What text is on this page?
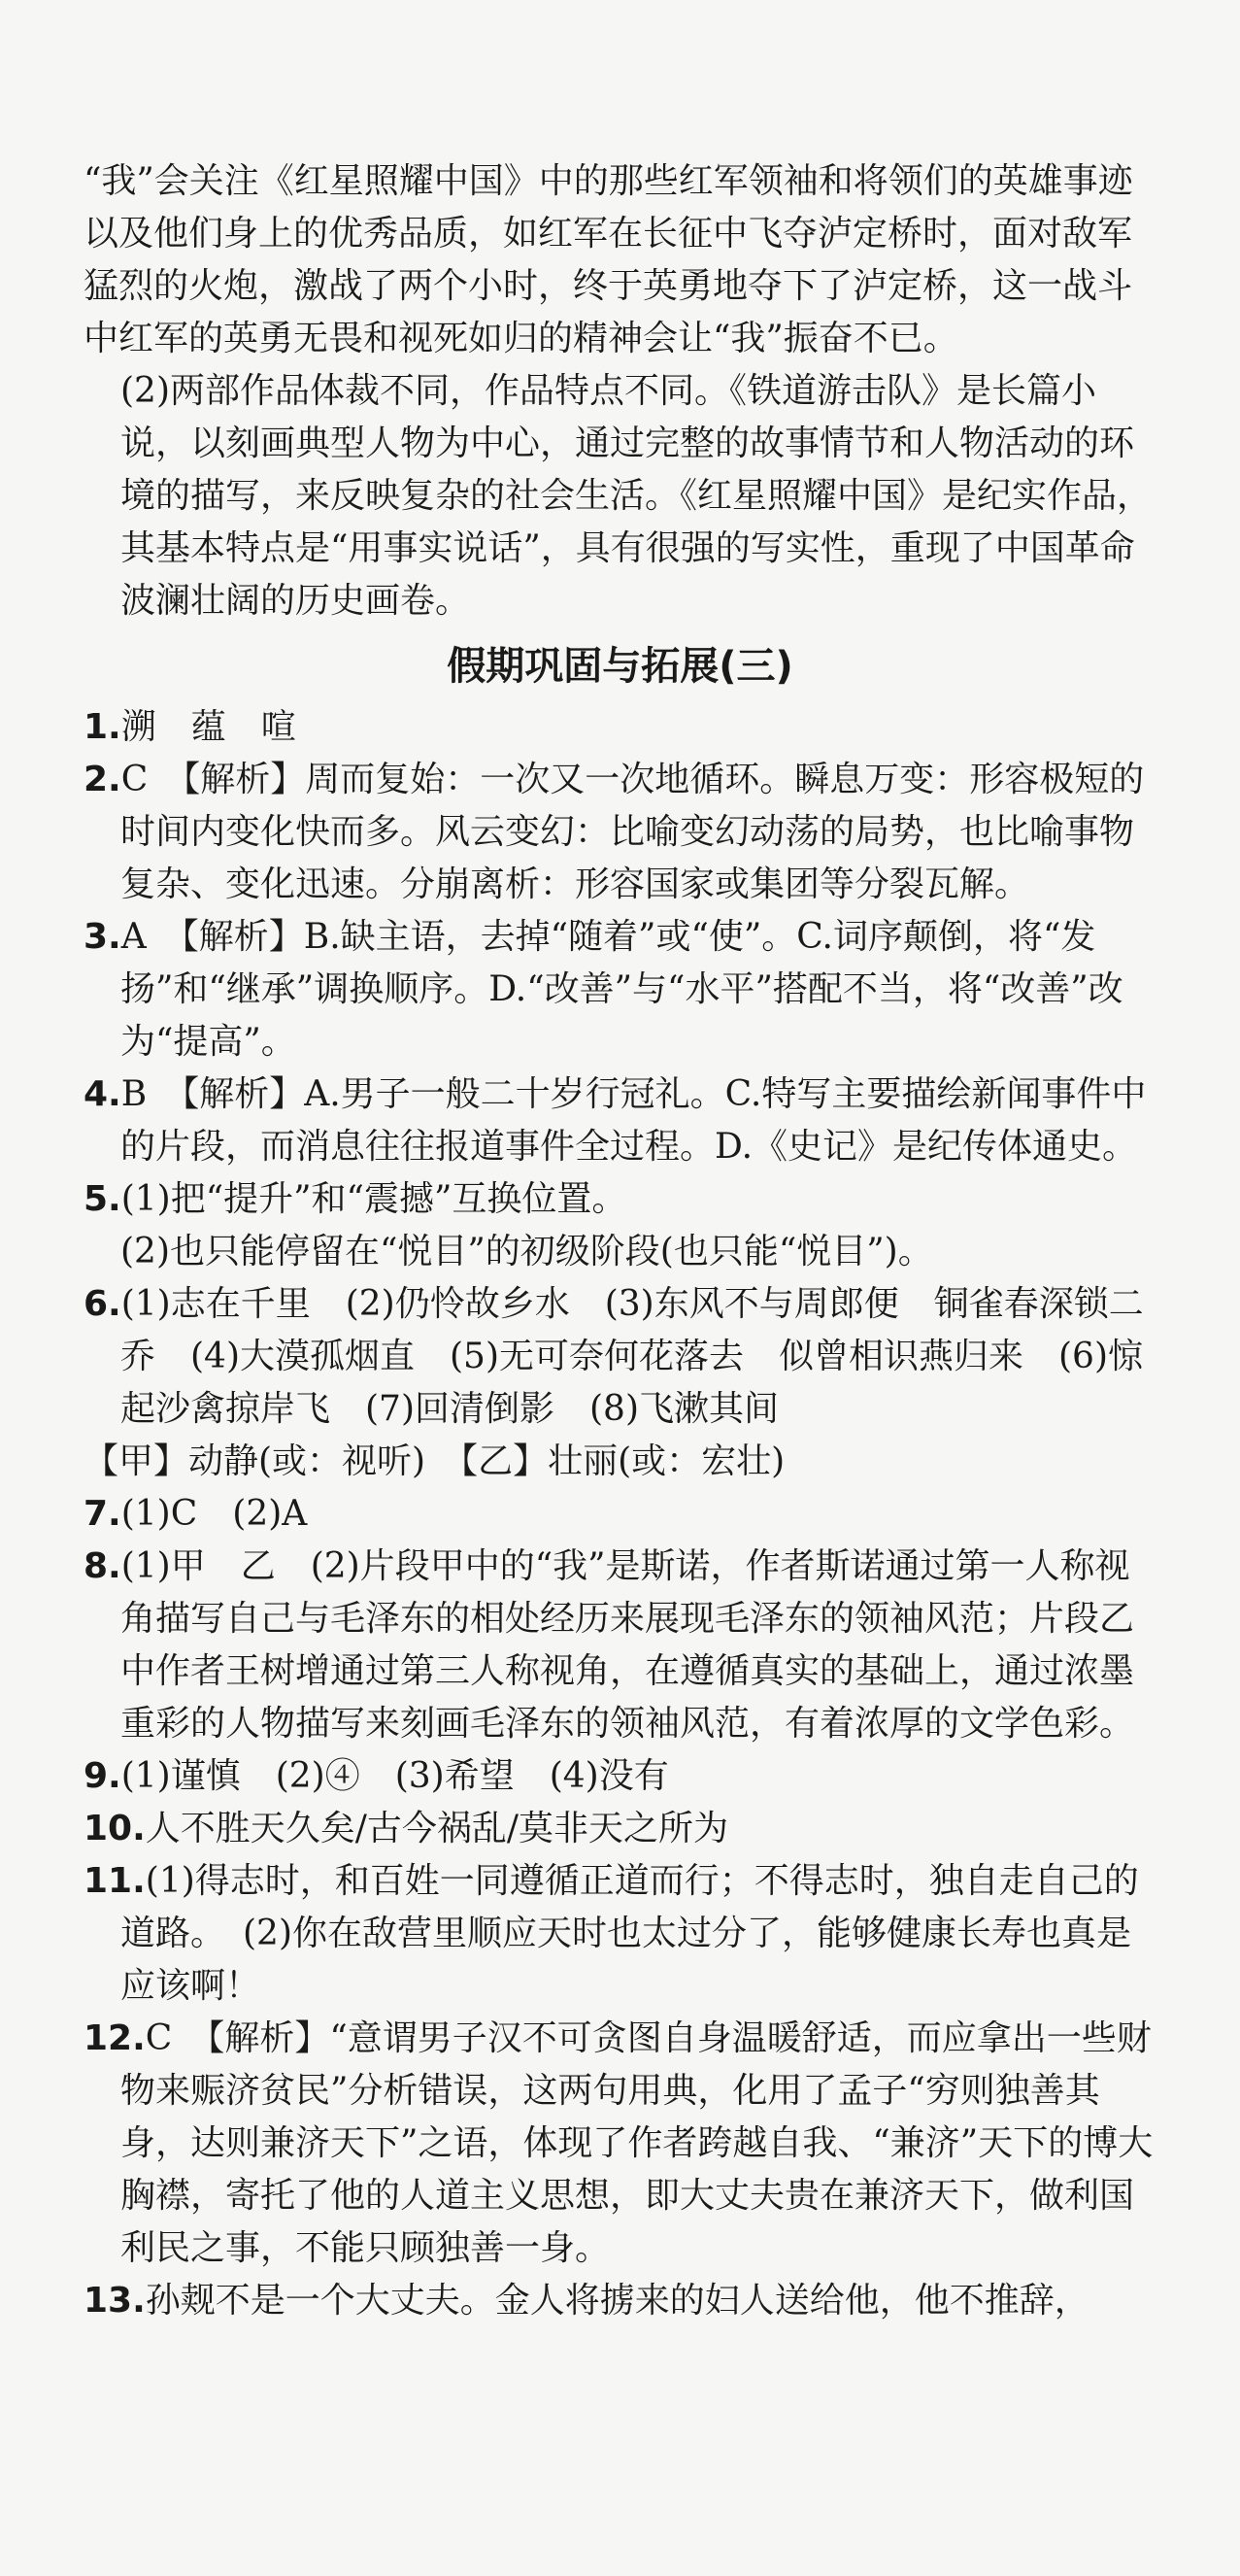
“我”会关注《红星照耀中国》中的那些红军领袖和将领们的英雄事迹以及他们身上的优秀品质，如红军在长征中飞夺泸定桥时，面对敌军猛烈的火炮，激战了两个小时，终于英勇地夺下了泸定桥，这一战斗中红军的英勇无畏和视死如归的精神会让“我”振奋不已。

(2)两部作品体裁不同，作品特点不同。《铁道游击队》是长篇小说，以刻画典型人物为中心，通过完整的故事情节和人物活动的环境的描写，来反映复杂的社会生活。《红星照耀中国》是纪实作品，其基本特点是“用事实说话”，具有很强的写实性，重现了中国革命波澜壮阔的历史画卷。

假期巩固与拓展(三)

1.溯　蕴　喧

2.C　【解析】周而复始：一次又一次地循环。瞬息万变：形容极短的时间内变化快而多。风云变幻：比喻变幻动荡的局势，也比喻事物复杂、变化迅速。分崩离析：形容国家或集团等分裂瓦解。

3.A　【解析】B.缺主语，去掉“随着”或“使”。C.词序颠倒，将“发扬”和“继承”调换顺序。D.“改善”与“水平”搭配不当，将“改善”改为“提高”。

4.B　【解析】A.男子一般二十岁行冠礼。C.特写主要描绘新闻事件中的片段，而消息往往报道事件全过程。D.《史记》是纪传体通史。

5.(1)把“提升”和“震撼”互换位置。

(2)也只能停留在“悦目”的初级阶段(也只能“悦目”)。

6.(1)志在千里　(2)仍怜故乡水　(3)东风不与周郎便　铜雀春深锁二乔　(4)大漠孤烟直　(5)无可奈何花落去　似曾相识燕归来　(6)惊起沙禽掠岸飞　(7)回清倒影　(8)飞漱其间

【甲】动静(或：视听)　【乙】壮丽(或：宏壮)

7.(1)C　(2)A

8.(1)甲　乙　(2)片段甲中的“我”是斯诺，作者斯诺通过第一人称视角描写自己与毛泽东的相处经历来展现毛泽东的领袖风范；片段乙中作者王树增通过第三人称视角，在遵循真实的基础上，通过浓墨重彩的人物描写来刻画毛泽东的领袖风范，有着浓厚的文学色彩。

9.(1)谨慎　(2)④　(3)希望　(4)没有

10.人不胜天久矣/古今祸乱/莫非天之所为

11.(1)得志时，和百姓一同遵循正道而行；不得志时，独自走自己的道路。　(2)你在敌营里顺应天时也太过分了，能够健康长寿也真是应该啊！

12.C　【解析】“意谓男子汉不可贪图自身温暖舒适，而应拿出一些财物来赈济贫民”分析错误，这两句用典，化用了孟子“穷则独善其身，达则兼济天下”之语，体现了作者跨越自我、“兼济”天下的博大胸襟，寄托了他的人道主义思想，即大丈夫贵在兼济天下，做利国利民之事，不能只顾独善一身。

13.孙觌不是一个大丈夫。金人将掳来的妇人送给他，他不推辞，
